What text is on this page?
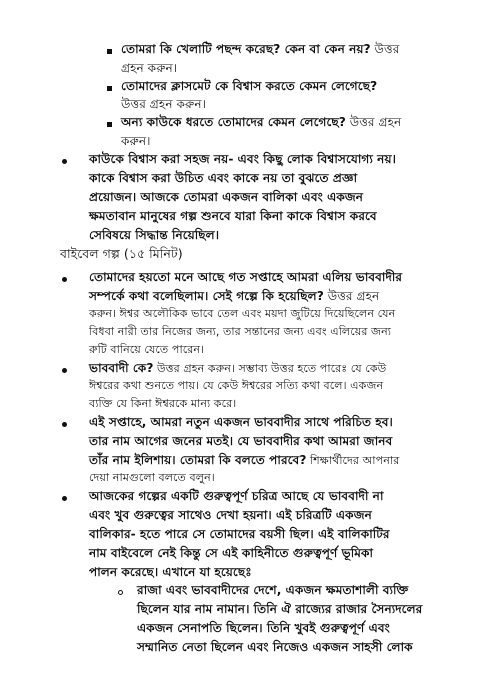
তোমরা কি খেলাটি পছন্দ করেছ? কেন বা কেন নয়? উত্তর
গ্রহন করুন।
তোমাদের ক্লাসমেট কে বিশ্বাস করতে কেমন লেগেছে?
উত্তর গ্রহন করুন।
অন্য কাউকে ধরতে তোমাদের কেমন লেগেছে? উত্তর গ্রহন
করুন।
কাউকে বিশ্বাস করা সহজ নয়- এবং কিছু লোক বিশ্বাসযোগ্য নয়।
কাকে বিশ্বাস করা উচিত এবং কাকে নয় তা বুঝতে প্রজ্ঞা
প্রয়োজন। আজকে তোমরা একজন বালিকা এবং একজন
ক্ষমতাবান মানুষের গল্প শুনবে যারা কিনা কাকে বিশ্বাস করবে
সেবিষয়ে সিদ্ধান্ত নিয়েছিল।
বাইবেল গল্প (১৫ মিনিট)
তোমাদের হয়তো মনে আছে গত সপ্তাহে আমরা এলিয় ভাববাদীর
সম্পর্কে কথা বলেছিলাম। সেই গল্পে কি হয়েছিল? উত্তর গ্রহন
করুন। ঈশ্বর অলৌকিক ভাবে তেল এবং ময়দা জুটিয়ে দিয়েছিলেন যেন
বিধবা নারী তার নিজের জন্য, তার সন্তানের জন্য এবং এলিয়ের জন্য
রুটি বানিয়ে যেতে পারেন।
ভাববাদী কে? উত্তর গ্রহন করুন। সম্ভাব্য উত্তর হতে পারেঃ যে কেউ
ঈশ্বরের কথা শুনতে পায়। যে কেউ ঈশ্বরের সত্যি কথা বলে। একজন
ব্যক্তি যে কিনা ঈশ্বরকে মান্য করে।
এই সপ্তাহে, আমরা নতুন একজন ভাববাদীর সাথে পরিচিত হব।
তার নাম আগের জনের মতই। যে ভাববাদীর কথা আমরা জানব
তাঁর নাম ইলিশায়। তোমরা কি বলতে পারবে? শিক্ষার্থীদের আপনার
দেয়া নামগুলো বলতে বলুন।
আজকের গল্পের একটি গুরুত্বপূর্ণ চরিত্র আছে যে ভাববাদী না
এবং খুব গুরুত্বের সাথেও দেখা হয়না। এই চরিত্রটি একজন
বালিকার- হতে পারে সে তোমাদের বয়সী ছিল। এই বালিকাটির
নাম বাইবেলে নেই কিন্তু সে এই কাহিনীতে গুরুত্বপূর্ণ ভূমিকা
পালন করেছে। এখানে যা হয়েছেঃ
রাজা এবং ভাববাদীদের দেশে, একজন ক্ষমতাশালী ব্যক্তি
ছিলেন যার নাম নামান। তিনি ঐ রাজ্যের রাজার সৈন্যদলের
একজন সেনাপতি ছিলেন। তিনি খুবই গুরুত্বপূর্ণ এবং
সম্মানিত নেতা ছিলেন এবং নিজেও একজন সাহসী লোক
